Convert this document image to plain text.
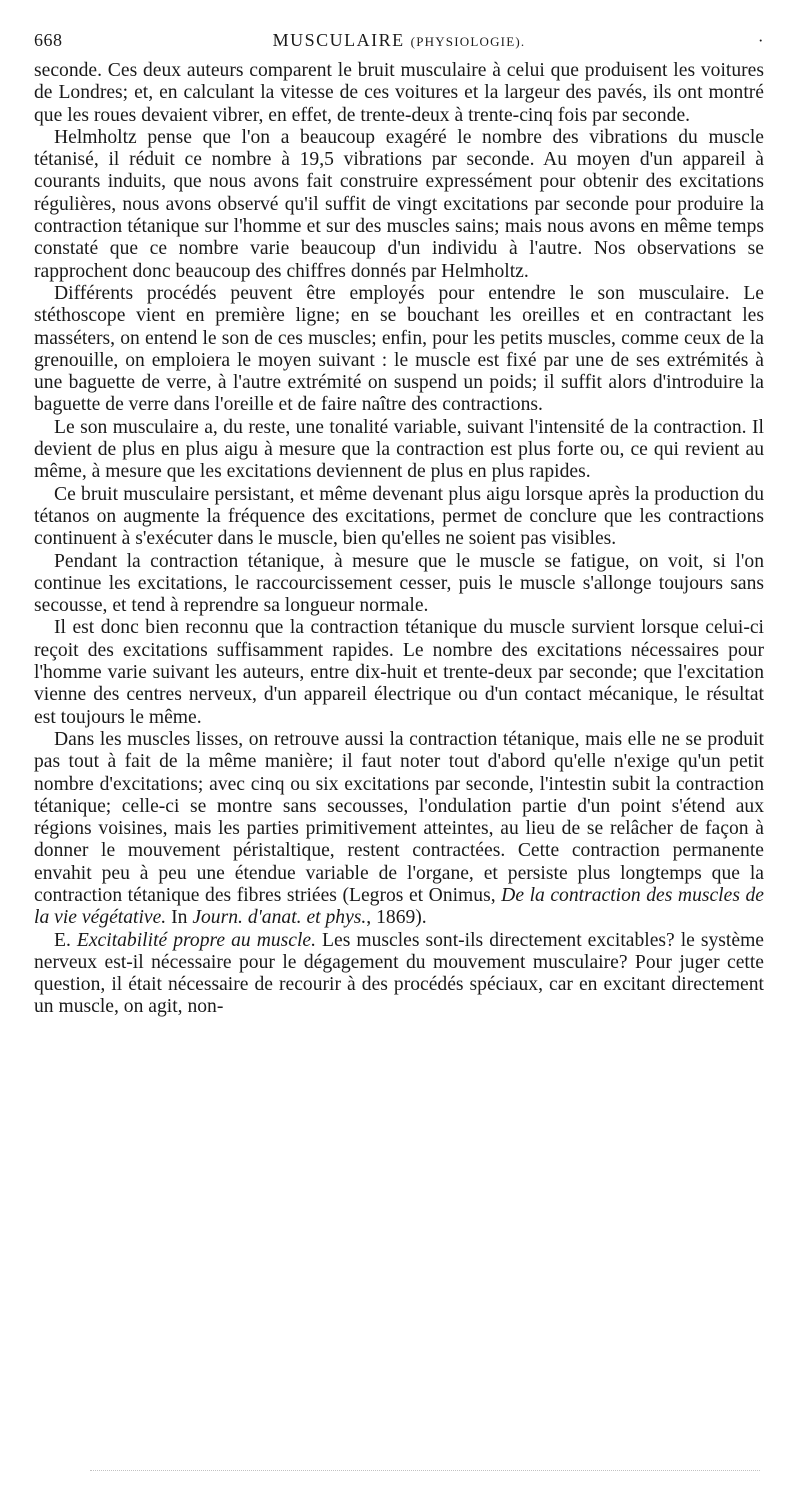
668	MUSCULAIRE (PHYSIOLOGIE).	·

seconde. Ces deux auteurs comparent le bruit musculaire à celui que produisent les voitures de Londres; et, en calculant la vitesse de ces voitures et la largeur des pavés, ils ont montré que les roues devaient vibrer, en effet, de trente-deux à trente-cinq fois par seconde.

Helmholtz pense que l'on a beaucoup exagéré le nombre des vibrations du muscle tétanisé, il réduit ce nombre à 19,5 vibrations par seconde. Au moyen d'un appareil à courants induits, que nous avons fait construire expressément pour obtenir des excitations régulières, nous avons observé qu'il suffit de vingt excitations par seconde pour produire la contraction tétanique sur l'homme et sur des muscles sains; mais nous avons en même temps constaté que ce nombre varie beaucoup d'un individu à l'autre. Nos observations se rapprochent donc beaucoup des chiffres donnés par Helmholtz.

Différents procédés peuvent être employés pour entendre le son musculaire. Le stéthoscope vient en première ligne; en se bouchant les oreilles et en contractant les masséters, on entend le son de ces muscles; enfin, pour les petits muscles, comme ceux de la grenouille, on emploiera le moyen suivant : le muscle est fixé par une de ses extrémités à une baguette de verre, à l'autre extrémité on suspend un poids; il suffit alors d'introduire la baguette de verre dans l'oreille et de faire naître des contractions.

Le son musculaire a, du reste, une tonalité variable, suivant l'intensité de la contraction. Il devient de plus en plus aigu à mesure que la contraction est plus forte ou, ce qui revient au même, à mesure que les excitations deviennent de plus en plus rapides.

Ce bruit musculaire persistant, et même devenant plus aigu lorsque après la production du tétanos on augmente la fréquence des excitations, permet de conclure que les contractions continuent à s'exécuter dans le muscle, bien qu'elles ne soient pas visibles.

Pendant la contraction tétanique, à mesure que le muscle se fatigue, on voit, si l'on continue les excitations, le raccourcissement cesser, puis le muscle s'allonge toujours sans secousse, et tend à reprendre sa longueur normale.

Il est donc bien reconnu que la contraction tétanique du muscle survient lorsque celui-ci reçoit des excitations suffisamment rapides. Le nombre des excitations nécessaires pour l'homme varie suivant les auteurs, entre dix-huit et trente-deux par seconde; que l'excitation vienne des centres nerveux, d'un appareil électrique ou d'un contact mécanique, le résultat est toujours le même.

Dans les muscles lisses, on retrouve aussi la contraction tétanique, mais elle ne se produit pas tout à fait de la même manière; il faut noter tout d'abord qu'elle n'exige qu'un petit nombre d'excitations; avec cinq ou six excitations par seconde, l'intestin subit la contraction tétanique; celle-ci se montre sans secousses, l'ondulation partie d'un point s'étend aux régions voisines, mais les parties primitivement atteintes, au lieu de se relâcher de façon à donner le mouvement péristaltique, restent contractées. Cette contraction permanente envahit peu à peu une étendue variable de l'organe, et persiste plus longtemps que la contraction tétanique des fibres striées (Legros et Onimus, De la contraction des muscles de la vie végétative. In Journ. d'anat. et phys., 1869).

E. Excitabilité propre au muscle. Les muscles sont-ils directement excitables? le système nerveux est-il nécessaire pour le dégagement du mouvement musculaire? Pour juger cette question, il était nécessaire de recourir à des procédés spéciaux, car en excitant directement un muscle, on agit, non-
